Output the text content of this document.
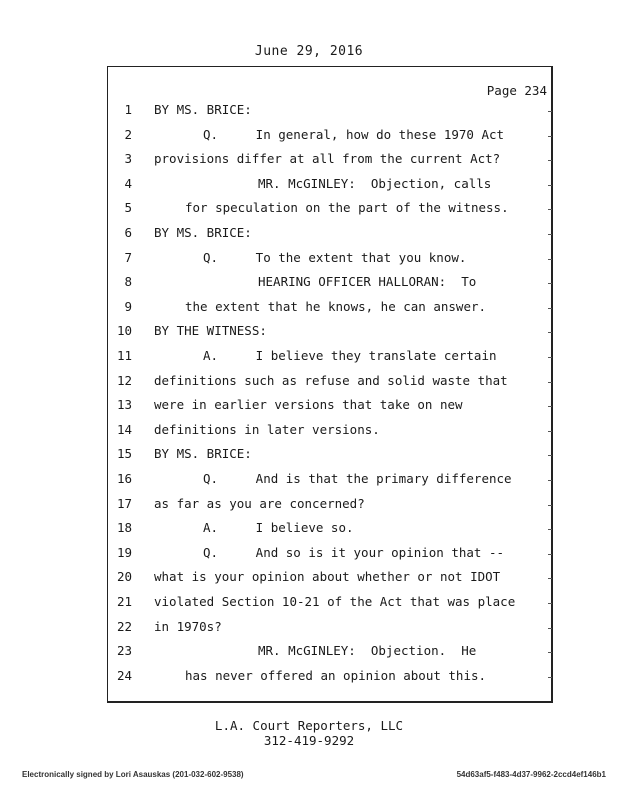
June 29, 2016
Page 234
1 BY MS. BRICE:
2	Q.     In general, how do these 1970 Act
3 provisions differ at all from the current Act?
4	MR. McGINLEY:  Objection, calls
5	for speculation on the part of the witness.
6 BY MS. BRICE:
7	Q.     To the extent that you know.
8	HEARING OFFICER HALLORAN:  To
9	the extent that he knows, he can answer.
10 BY THE WITNESS:
11	A.     I believe they translate certain
12 definitions such as refuse and solid waste that
13 were in earlier versions that take on new
14 definitions in later versions.
15 BY MS. BRICE:
16	Q.     And is that the primary difference
17 as far as you are concerned?
18	A.     I believe so.
19	Q.     And so is it your opinion that --
20 what is your opinion about whether or not IDOT
21 violated Section 10-21 of the Act that was place
22 in 1970s?
23	MR. McGINLEY:  Objection.  He
24	has never offered an opinion about this.
L.A. Court Reporters, LLC
312-419-9292
Electronically signed by Lori Asauskas (201-032-602-9538)	54d63af5-f483-4d37-9962-2ccd4ef146b1
